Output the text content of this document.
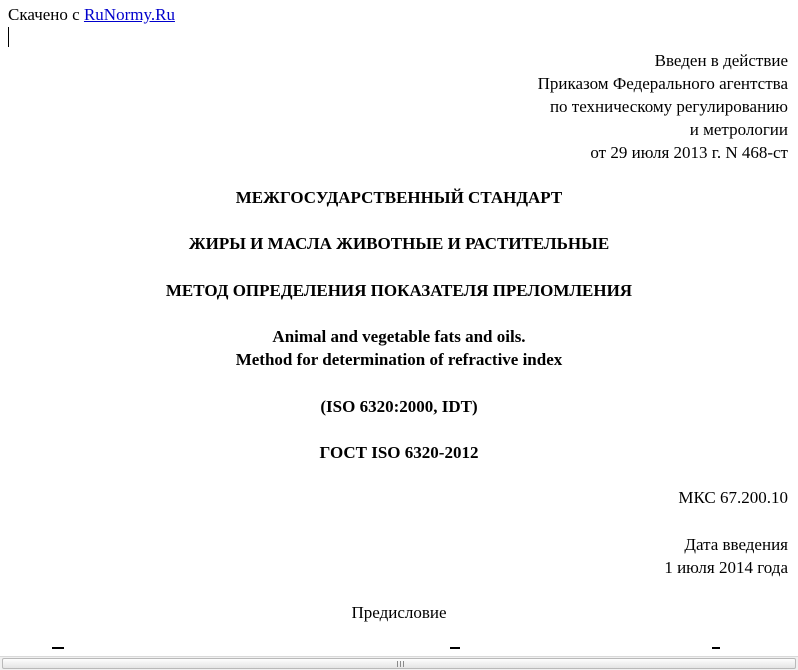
Скачено с RuNormy.Ru
Введен в действие
Приказом Федерального агентства
по техническому регулированию
и метрологии
от 29 июля 2013 г. N 468-ст
МЕЖГОСУДАРСТВЕННЫЙ СТАНДАРТ
ЖИРЫ И МАСЛА ЖИВОТНЫЕ И РАСТИТЕЛЬНЫЕ
МЕТОД ОПРЕДЕЛЕНИЯ ПОКАЗАТЕЛЯ ПРЕЛОМЛЕНИЯ
Animal and vegetable fats and oils.
Method for determination of refractive index
(ISO 6320:2000, IDT)
ГОСТ ISO 6320-2012
МКС 67.200.10
Дата введения
1 июля 2014 года
Предисловие
